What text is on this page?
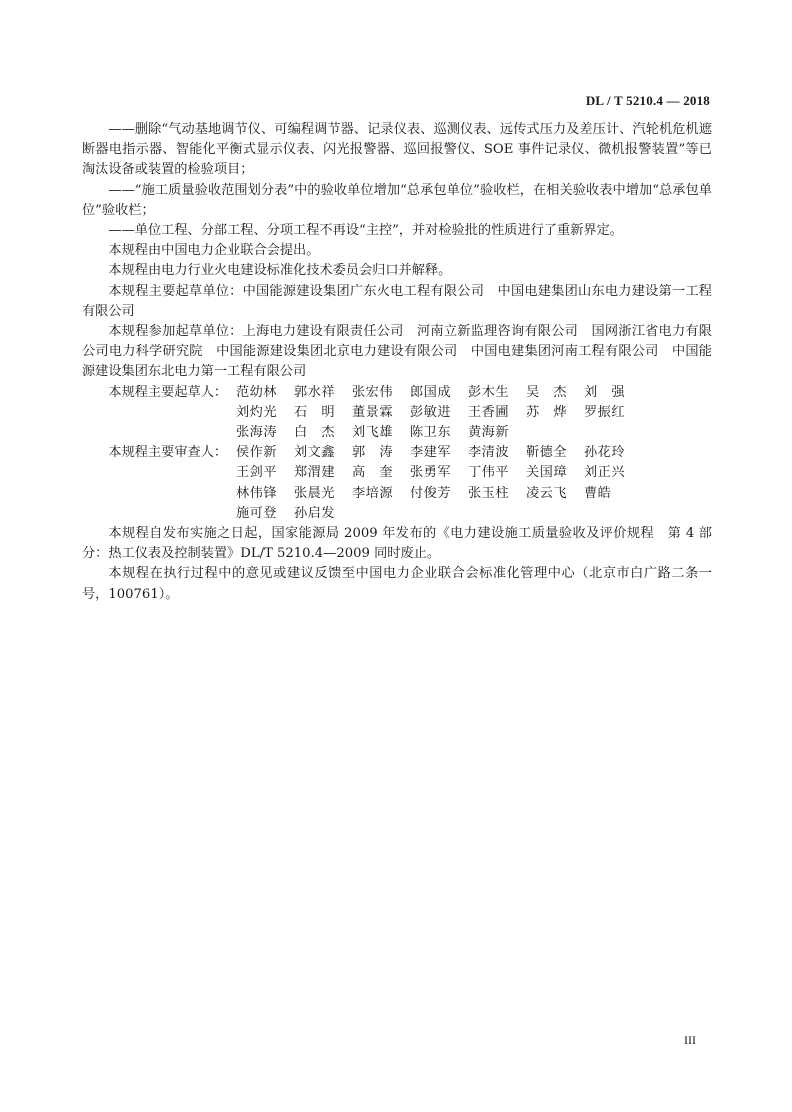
DL / T 5210.4 — 2018

——删除“气动基地调节仪、可编程调节器、记录仪表、巡测仪表、远传式压力及差压计、汽轮机危机遮断器电指示器、智能化平衡式显示仪表、闪光报警器、巡回报警仪、SOE 事件记录仪、微机报警装置”等已淘汰设备或装置的检验项目；

——“施工质量验收范围划分表”中的验收单位增加“总承包单位”验收栏，在相关验收表中增加“总承包单位”验收栏；

——单位工程、分部工程、分项工程不再设“主控”，并对检验批的性质进行了重新界定。

本规程由中国电力企业联合会提出。

本规程由电力行业火电建设标准化技术委员会归口并解释。

本规程主要起草单位：中国能源建设集团广东火电工程有限公司　中国电建集团山东电力建设第一工程有限公司

本规程参加起草单位：上海电力建设有限责任公司　河南立新监理咨询有限公司　国网浙江省电力有限公司电力科学研究院　中国能源建设集团北京电力建设有限公司　中国电建集团河南工程有限公司　中国能源建设集团东北电力第一工程有限公司

本规程主要起草人： 范幼林	郭水祥	张宏伟	郎国成	彭木生	吴　杰	刘　强
刘灼光	石　明	董景霖	彭敏进	王香圃	苏　烨	罗振红
张海涛	白　杰	刘飞雄	陈卫东	黄海新
本规程主要审查人： 侯作新	刘文鑫	郭　涛	李建军	李清波	靳德全	孙花玲
王剑平	郑渭建	高　奎	张勇军	丁伟平	关国璋	刘正兴
林伟锋	张晨光	李培源	付俊芳	张玉柱	凌云飞	曹皓
施可登	孙启发

本规程自发布实施之日起，国家能源局 2009 年发布的《电力建设施工质量验收及评价规程　第 4 部分：热工仪表及控制装置》DL/T 5210.4—2009 同时废止。

本规程在执行过程中的意见或建议反馈至中国电力企业联合会标准化管理中心（北京市白广路二条一号，100761）。

III
